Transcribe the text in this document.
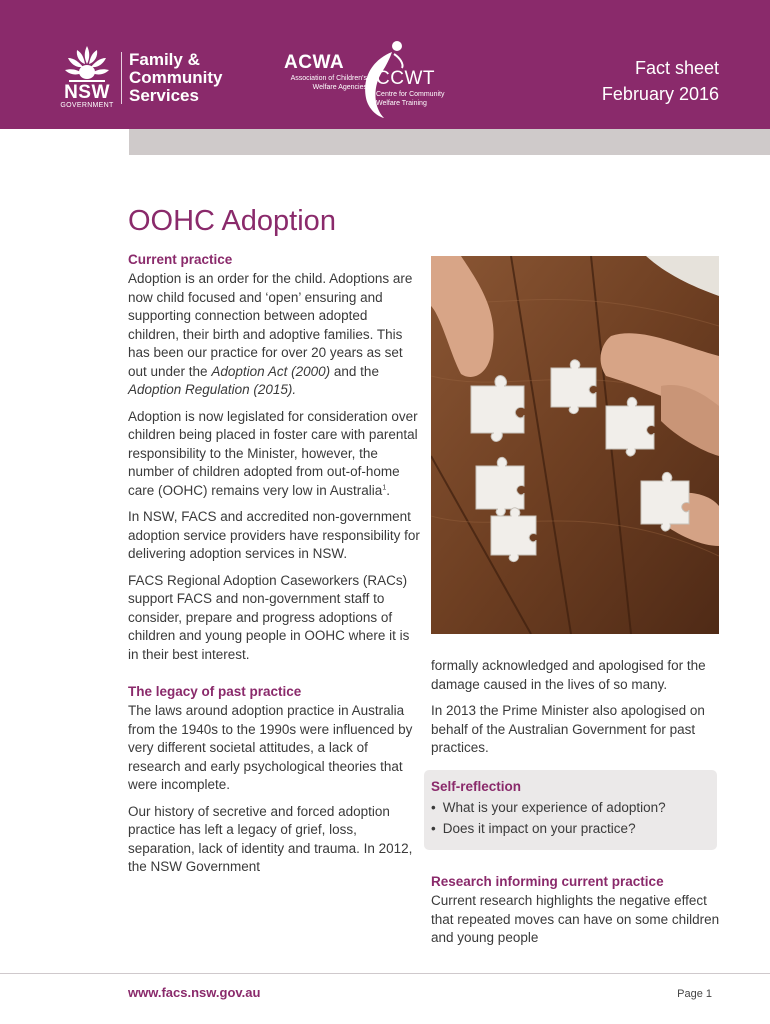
NSW
GOVERNMENT
Family &
Community
Services
ACWA
Association of Children's
Welfare Agencies CCWT
Centre for Community
Welfare Training
Fact sheet
February 2016
OOHC Adoption
Current practice

Adoption is an order for the child. Adoptions are now child focused and ‘open’ ensuring and supporting connection between adopted children, their birth and adoptive families. This has been our practice for over 20 years as set out under the Adoption Act (2000) and the Adoption Regulation (2015).

Adoption is now legislated for consideration over children being placed in foster care with parental responsibility to the Minister, however, the number of children adopted from out-of-home care (OOHC) remains very low in Australia$^1$.

In NSW, FACS and accredited non-government adoption service providers have responsibility for delivering adoption services in NSW.

FACS Regional Adoption Caseworkers (RACs) support FACS and non-government staff to consider, prepare and progress adoptions of children and young people in OOHC where it is in their best interest.

The legacy of past practice

The laws around adoption practice in Australia from the 1940s to the 1990s were influenced by very different societal attitudes, a lack of research and early psychological theories that were incomplete.

Our history of secretive and forced adoption practice has left a legacy of grief, loss, separation, lack of identity and trauma. In 2012, the NSW Government

formally acknowledged and apologised for the damage caused in the lives of so many.

In 2013 the Prime Minister also apologised on behalf of the Australian Government for past practices.

Self-reflection
• What is your experience of adoption?
• Does it impact on your practice?
Research informing current practice

Current research highlights the negative effect that repeated moves can have on some children and young people

www.facs.nsw.gov.au	Page 1
